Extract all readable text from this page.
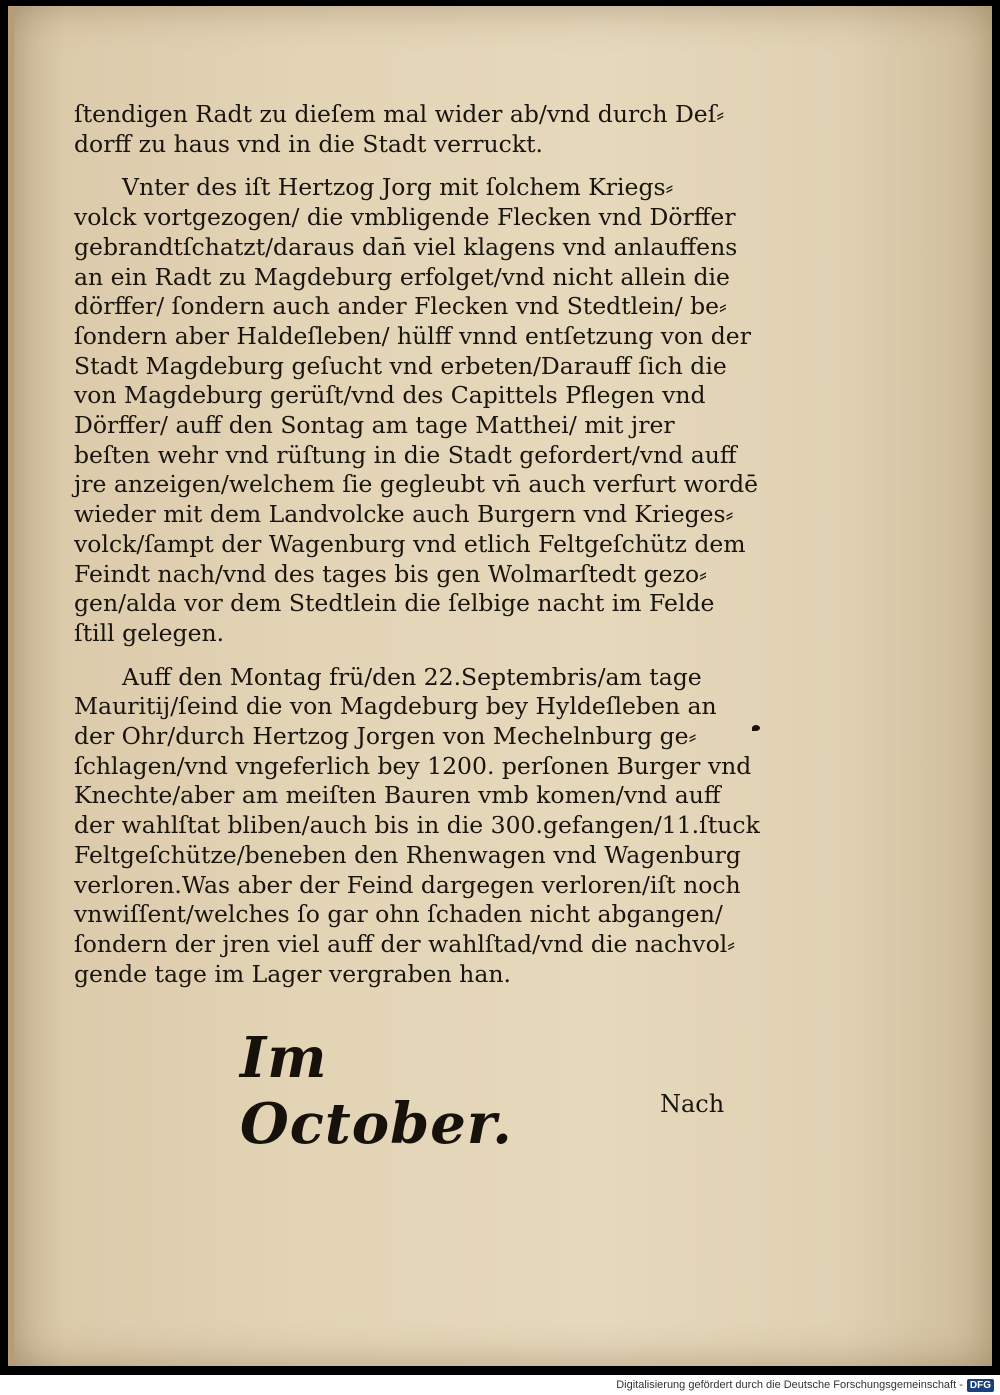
ſtendigen Radt zu dieſem mal wider ab/vnd durch Deſ⸗
dorff zu haus vnd in die Stadt verruckt.

Vnter des iſt Hertzog Jorg mit ſolchem Kriegs⸗
volck vortgezogen/ die vmbligende Flecken vnd Dörffer
gebrandtſchatzt/daraus dan̄ viel klagens vnd anlauffens
an ein Radt zu Magdeburg erfolget/vnd nicht allein die
dörffer/ ſondern auch ander Flecken vnd Stedtlein/ be⸗
ſondern aber Haldeſleben/ hülff vnnd entſetzung von der
Stadt Magdeburg geſucht vnd erbeten/Darauff ſich die
von Magdeburg gerüſt/vnd des Capittels Pflegen vnd
Dörffer/ auff den Sontag am tage Matthei/ mit jrer
beſten wehr vnd rüſtung in die Stadt gefordert/vnd auff
jre anzeigen/welchem ſie gegleubt vn̄ auch verfurt wordē
wieder mit dem Landvolcke auch Burgern vnd Krieges⸗
volck/ſampt der Wagenburg vnd etlich Feltgeſchütz dem
Feindt nach/vnd des tages bis gen Wolmarſtedt gezo⸗
gen/alda vor dem Stedtlein die ſelbige nacht im Felde
ſtill gelegen.

Auff den Montag frü/den 22.Septembris/am tage
Mauritij/ſeind die von Magdeburg bey Hyldeſleben an
der Ohr/durch Hertzog Jorgen von Mechelnburg ge⸗
ſchlagen/vnd vngeferlich bey 1200. perſonen Burger vnd
Knechte/aber am meiſten Bauren vmb komen/vnd auff
der wahlſtat bliben/auch bis in die 300.gefangen/11.ſtuck
Feltgeſchütze/beneben den Rhenwagen vnd Wagenburg
verloren.Was aber der Feind dargegen verloren/iſt noch
vnwiſſent/welches ſo gar ohn ſchaden nicht abgangen/
ſondern der jren viel auff der wahlſtad/vnd die nachvol⸗
gende tage im Lager vergraben han.

Im October.	Nach
Digitalisierung gefördert durch die Deutsche Forschungsgemeinschaft - DFG
